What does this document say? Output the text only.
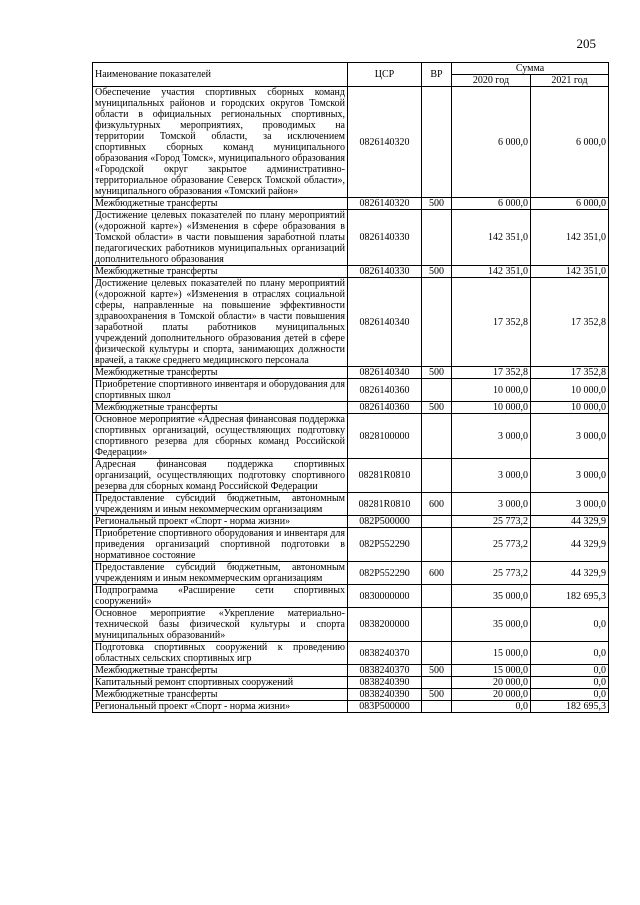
205
Наименование показателей	ЦСР	ВР	Сумма	
			2020 год	2021 год
Обеспечение участия спортивных сборных команд муниципальных районов и городских округов Томской области в официальных региональных спортивных, физкультурных мероприятиях, проводимых на территории Томской области, за исключением спортивных сборных команд муниципального образования «Город Томск», муниципального образования «Городской округ закрытое административно-территориальное образование Северск Томской области», муниципального образования «Томский район»	0826140320		6 000,0	6 000,0
Межбюджетные трансферты	0826140320	500	6 000,0	6 000,0
Достижение целевых показателей по плану мероприятий («дорожной карте») «Изменения в сфере образования в Томской области» в части повышения заработной платы педагогических работников муниципальных организаций дополнительного образования	0826140330		142 351,0	142 351,0
Межбюджетные трансферты	0826140330	500	142 351,0	142 351,0
Достижение целевых показателей по плану мероприятий («дорожной карте») «Изменения в отраслях социальной сферы, направленные на повышение эффективности здравоохранения в Томской области» в части повышения заработной платы работников муниципальных учреждений дополнительного образования детей в сфере физической культуры и спорта, занимающих должности врачей, а также среднего медицинского персонала	0826140340		17 352,8	17 352,8
Межбюджетные трансферты	0826140340	500	17 352,8	17 352,8
Приобретение спортивного инвентаря и оборудования для спортивных школ	0826140360		10 000,0	10 000,0
Межбюджетные трансферты	0826140360	500	10 000,0	10 000,0
Основное мероприятие «Адресная финансовая поддержка спортивных организаций, осуществляющих подготовку спортивного резерва для сборных команд Российской Федерации»	0828100000		3 000,0	3 000,0
Адресная финансовая поддержка спортивных организаций, осуществляющих подготовку спортивного резерва для сборных команд Российской Федерации	08281R0810		3 000,0	3 000,0
Предоставление субсидий бюджетным, автономным учреждениям и иным некоммерческим организациям	08281R0810	600	3 000,0	3 000,0
Региональный проект «Спорт - норма жизни»	082P500000		25 773,2	44 329,9
Приобретение спортивного оборудования и инвентаря для приведения организаций спортивной подготовки в нормативное состояние	082P552290		25 773,2	44 329,9
Предоставление субсидий бюджетным, автономным учреждениям и иным некоммерческим организациям	082P552290	600	25 773,2	44 329,9
Подпрограмма «Расширение сети спортивных сооружений»	0830000000		35 000,0	182 695,3
Основное мероприятие «Укрепление материально-технической базы физической культуры и спорта муниципальных образований»	0838200000		35 000,0	0,0
Подготовка спортивных сооружений к проведению областных сельских спортивных игр	0838240370		15 000,0	0,0
Межбюджетные трансферты	0838240370	500	15 000,0	0,0
Капитальный ремонт спортивных сооружений	0838240390		20 000,0	0,0
Межбюджетные трансферты	0838240390	500	20 000,0	0,0
Региональный проект «Спорт - норма жизни»	083P500000		0,0	182 695,3
